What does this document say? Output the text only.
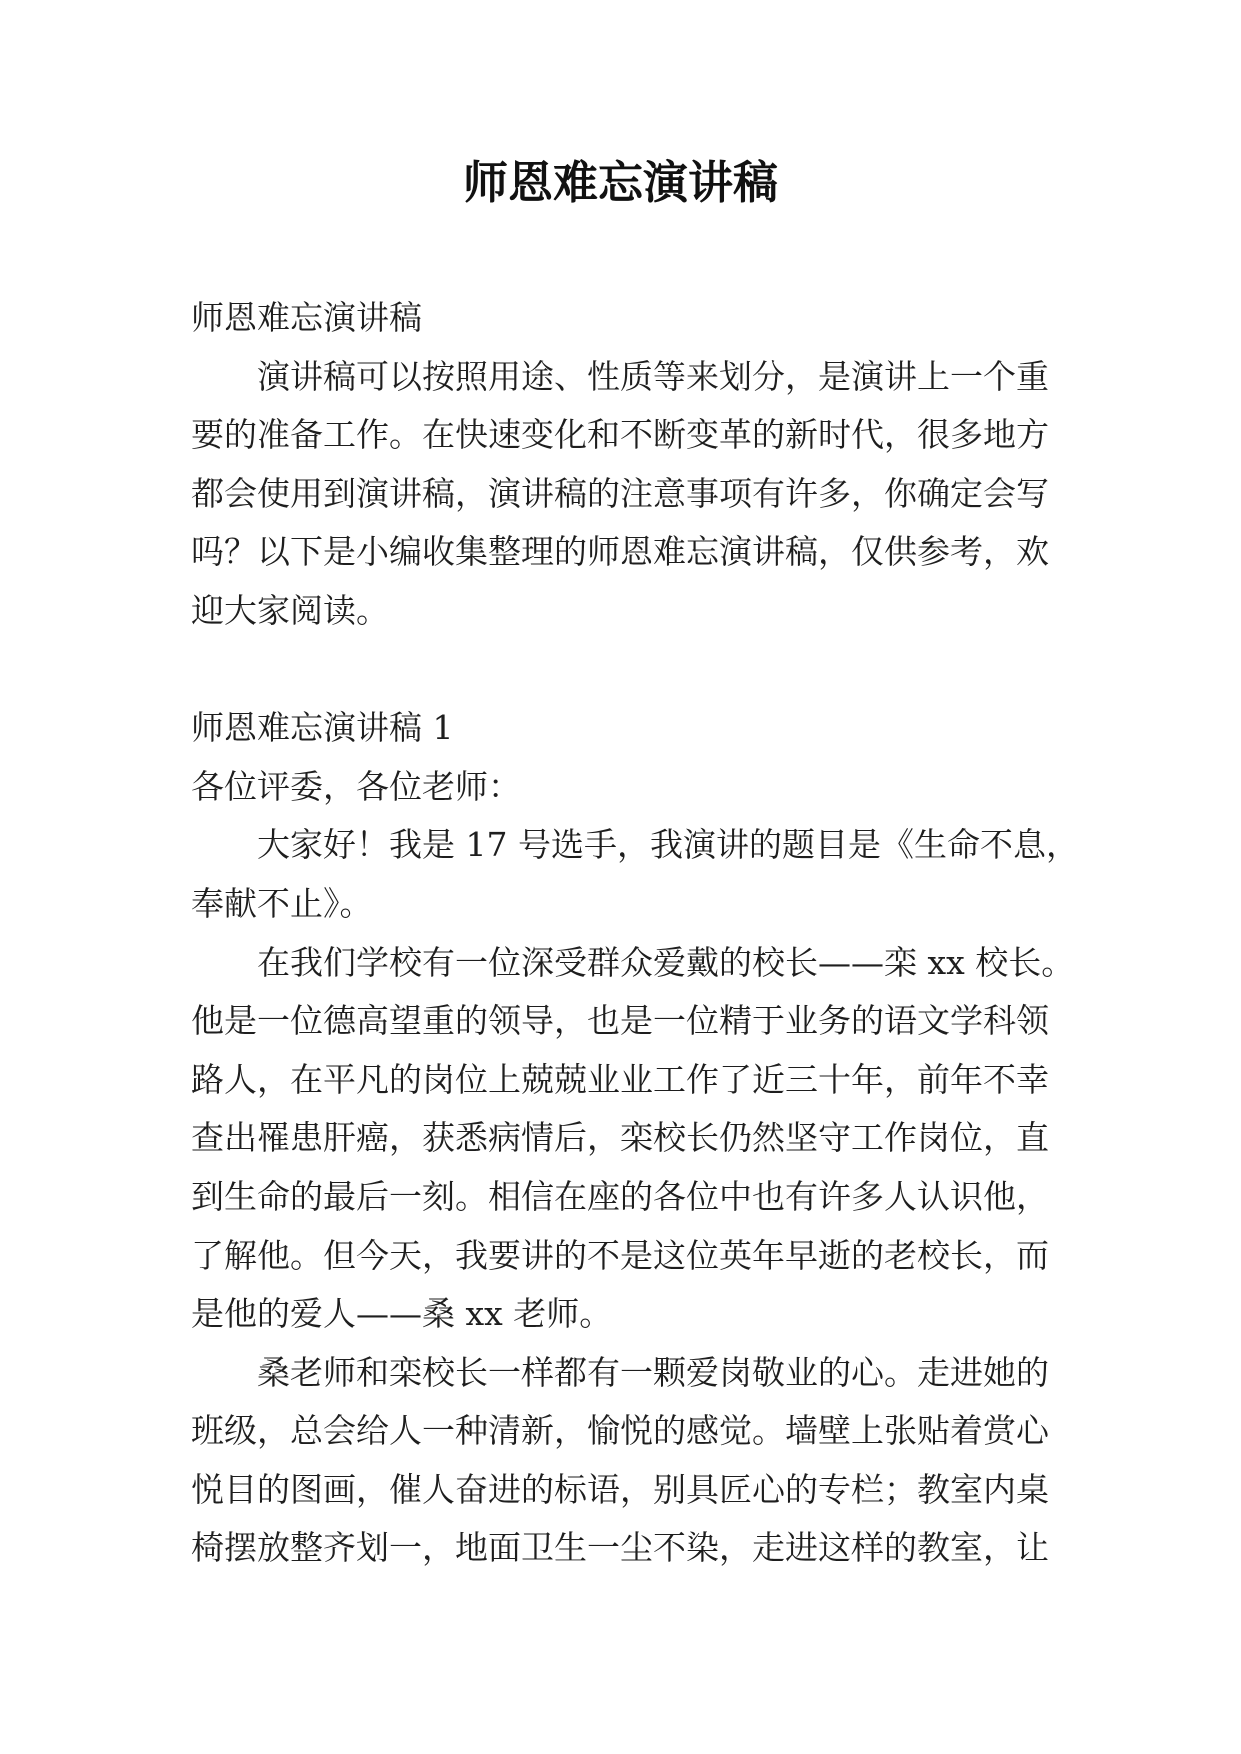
师恩难忘演讲稿
师恩难忘演讲稿
演讲稿可以按照用途、性质等来划分，是演讲上一个重
要的准备工作。在快速变化和不断变革的新时代，很多地方
都会使用到演讲稿，演讲稿的注意事项有许多，你确定会写
吗？以下是小编收集整理的师恩难忘演讲稿，仅供参考，欢
迎大家阅读。
师恩难忘演讲稿 1
各位评委，各位老师：
大家好！我是 17 号选手，我演讲的题目是《生命不息，
奉献不止》。
在我们学校有一位深受群众爱戴的校长——栾 xx 校长。
他是一位德高望重的领导，也是一位精于业务的语文学科领
路人，在平凡的岗位上兢兢业业工作了近三十年，前年不幸
查出罹患肝癌，获悉病情后，栾校长仍然坚守工作岗位，直
到生命的最后一刻。相信在座的各位中也有许多人认识他，
了解他。但今天，我要讲的不是这位英年早逝的老校长，而
是他的爱人——桑 xx 老师。
桑老师和栾校长一样都有一颗爱岗敬业的心。走进她的
班级，总会给人一种清新，愉悦的感觉。墙壁上张贴着赏心
悦目的图画，催人奋进的标语，别具匠心的专栏；教室内桌
椅摆放整齐划一，地面卫生一尘不染，走进这样的教室，让
